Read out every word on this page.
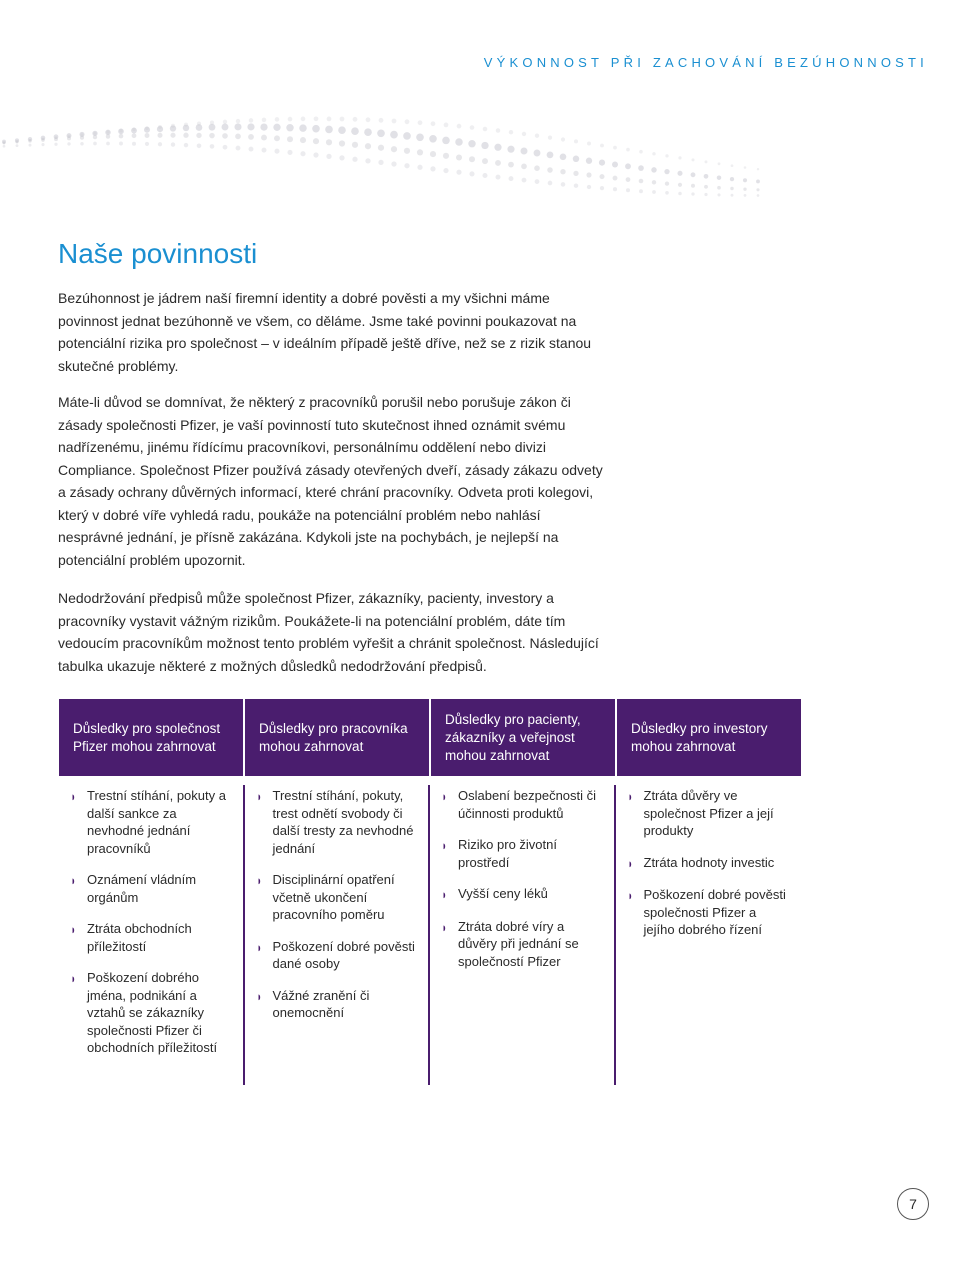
VÝKONNOST PŘI ZACHOVÁNÍ BEZÚHONNOSTI
Naše povinnosti

Bezúhonnost je jádrem naší firemní identity a dobré pověsti a my všichni máme povinnost jednat bezúhonně ve všem, co děláme. Jsme také povinni poukazovat na potenciální rizika pro společnost – v ideálním případě ještě dříve, než se z rizik stanou skutečné problémy.

Máte-li důvod se domnívat, že některý z pracovníků porušil nebo porušuje zákon či zásady společnosti Pfizer, je vaší povinností tuto skutečnost ihned oznámit svému nadřízenému, jinému řídícímu pracovníkovi, personálnímu oddělení nebo divizi Compliance. Společnost Pfizer používá zásady otevřených dveří, zásady zákazu odvety a zásady ochrany důvěrných informací, které chrání pracovníky. Odveta proti kolegovi, který v dobré víře vyhledá radu, poukáže na potenciální problém nebo nahlásí nesprávné jednání, je přísně zakázána. Kdykoli jste na pochybách, je nejlepší na potenciální problém upozornit.

Nedodržování předpisů může společnost Pfizer, zákazníky, pacienty, investory a pracovníky vystavit vážným rizikům. Poukážete-li na potenciální problém, dáte tím vedoucím pracovníkům možnost tento problém vyřešit a chránit společnost. Následující tabulka ukazuje některé z možných důsledků nedodržování předpisů.

Důsledky pro společnost Pfizer mohou zahrnovat
Důsledky pro pracovníka mohou zahrnovat
Důsledky pro pacienty, zákazníky a veřejnost mohou zahrnovat
Důsledky pro investory mohou zahrnovat
◗ Trestní stíhání, pokuty a další sankce za nevhodné jednání pracovníků
◗ Oznámení vládním orgánům
◗ Ztráta obchodních příležitostí
◗ Poškození dobrého jména, podnikání a vztahů se zákazníky společnosti Pfizer či obchodních příležitostí
◗ Trestní stíhání, pokuty, trest odnětí svobody či další tresty za nevhodné jednání
◗ Disciplinární opatření včetně ukončení pracovního poměru
◗ Poškození dobré pověsti dané osoby
◗ Vážné zranění či onemocnění
◗ Oslabení bezpečnosti či účinnosti produktů
◗ Riziko pro životní prostředí
◗ Vyšší ceny léků
◗ Ztráta dobré víry a důvěry při jednání se společností Pfizer
◗ Ztráta důvěry ve společnost Pfizer a její produkty
◗ Ztráta hodnoty investic
◗ Poškození dobré pověsti společnosti Pfizer a jejího dobrého řízení
7
